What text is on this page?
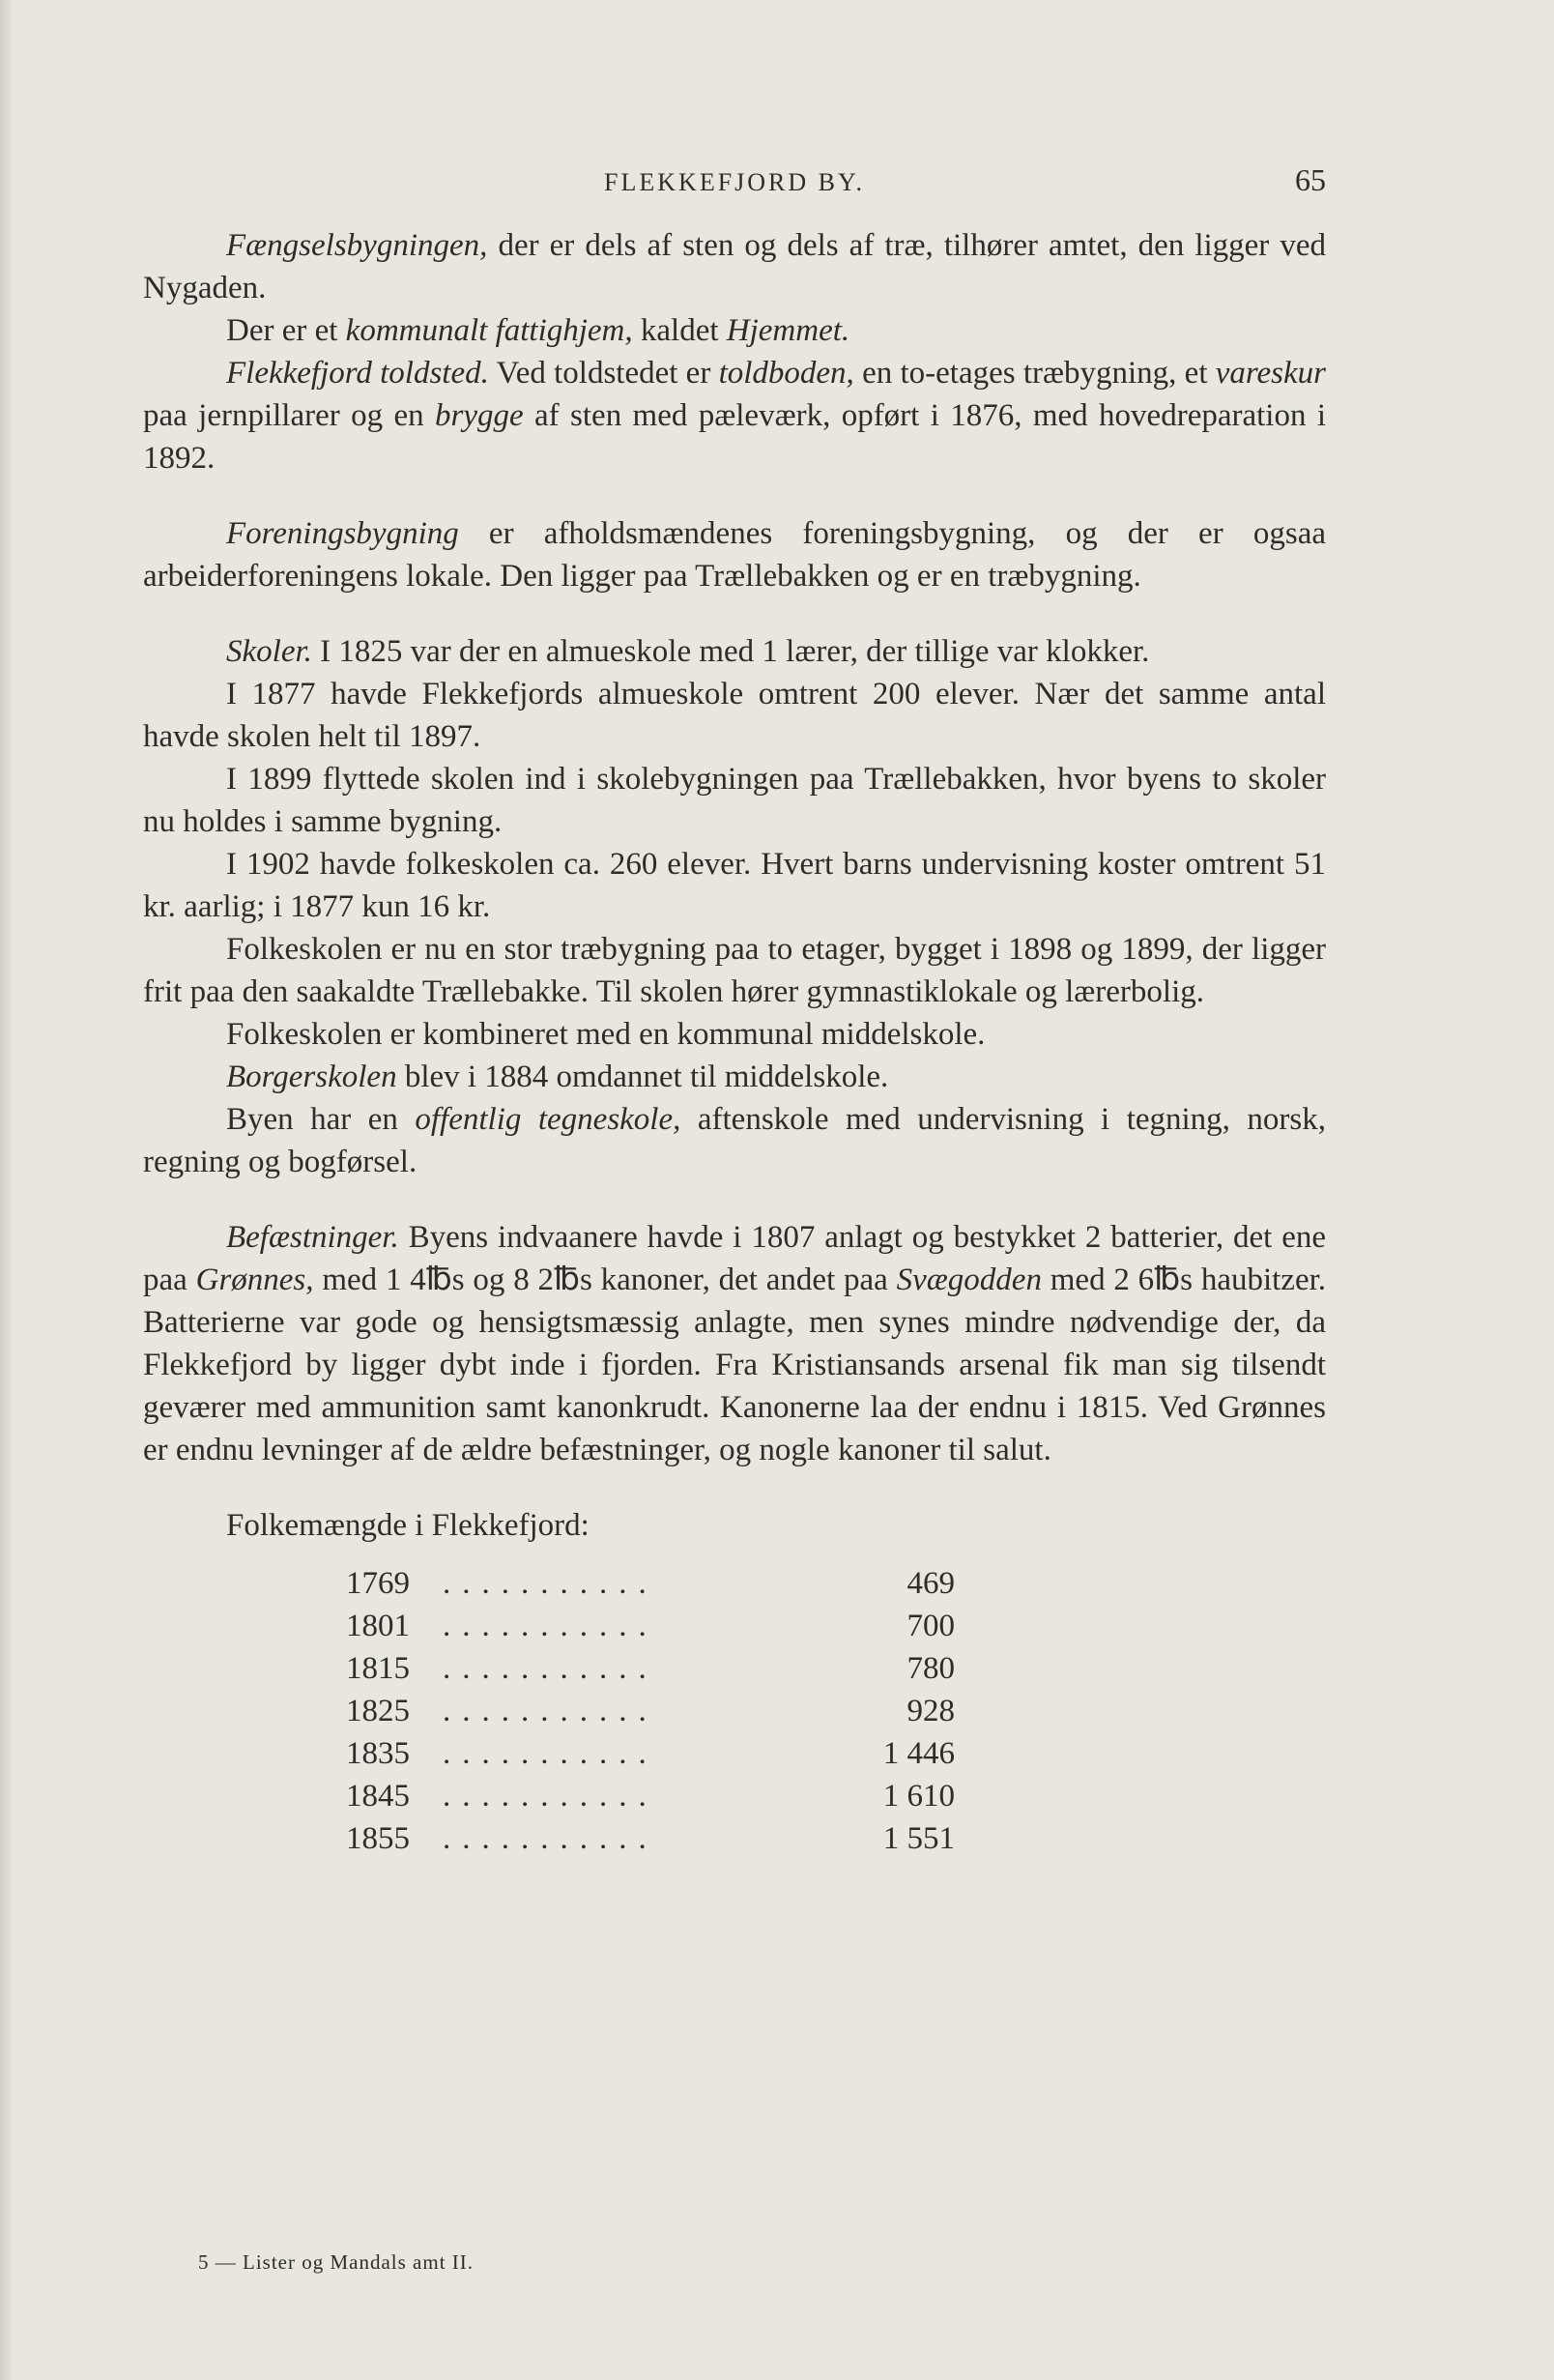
FLEKKEFJORD BY.	65

Fængselsbygningen, der er dels af sten og dels af træ, tilhører amtet, den ligger ved Nygaden.

Der er et kommunalt fattighjem, kaldet Hjemmet.

Flekkefjord toldsted. Ved toldstedet er toldboden, en to-etages træbygning, et vareskur paa jernpillarer og en brygge af sten med pæleværk, opført i 1876, med hovedreparation i 1892.

Foreningsbygning er afholdsmændenes foreningsbygning, og der er ogsaa arbeiderforeningens lokale. Den ligger paa Trællebakken og er en træbygning.

Skoler. I 1825 var der en almueskole med 1 lærer, der tillige var klokker.

I 1877 havde Flekkefjords almueskole omtrent 200 elever. Nær det samme antal havde skolen helt til 1897.

I 1899 flyttede skolen ind i skolebygningen paa Trællebakken, hvor byens to skoler nu holdes i samme bygning.

I 1902 havde folkeskolen ca. 260 elever. Hvert barns undervisning koster omtrent 51 kr. aarlig; i 1877 kun 16 kr.

Folkeskolen er nu en stor træbygning paa to etager, bygget i 1898 og 1899, der ligger frit paa den saakaldte Trællebakke. Til skolen hører gymnastiklokale og lærerbolig.

Folkeskolen er kombineret med en kommunal middelskole.

Borgerskolen blev i 1884 omdannet til middelskole.

Byen har en offentlig tegneskole, aftenskole med undervisning i tegning, norsk, regning og bogførsel.

Befæstninger. Byens indvaanere havde i 1807 anlagt og bestykket 2 batterier, det ene paa Grønnes, med 1 4℔s og 8 2℔s kanoner, det andet paa Svægodden med 2 6℔s haubitzer. Batterierne var gode og hensigtsmæssig anlagte, men synes mindre nødvendige der, da Flekkefjord by ligger dybt inde i fjorden. Fra Kristiansands arsenal fik man sig tilsendt geværer med ammunition samt kanonkrudt. Kanonerne laa der endnu i 1815. Ved Grønnes er endnu levninger af de ældre befæstninger, og nogle kanoner til salut.

Folkemængde i Flekkefjord:
1769	...........	469
1801	...........	700
1815	...........	780
1825	...........	928
1835	...........	1 446
1845	...........	1 610
1855	...........	1 551
5 — Lister og Mandals amt II.
